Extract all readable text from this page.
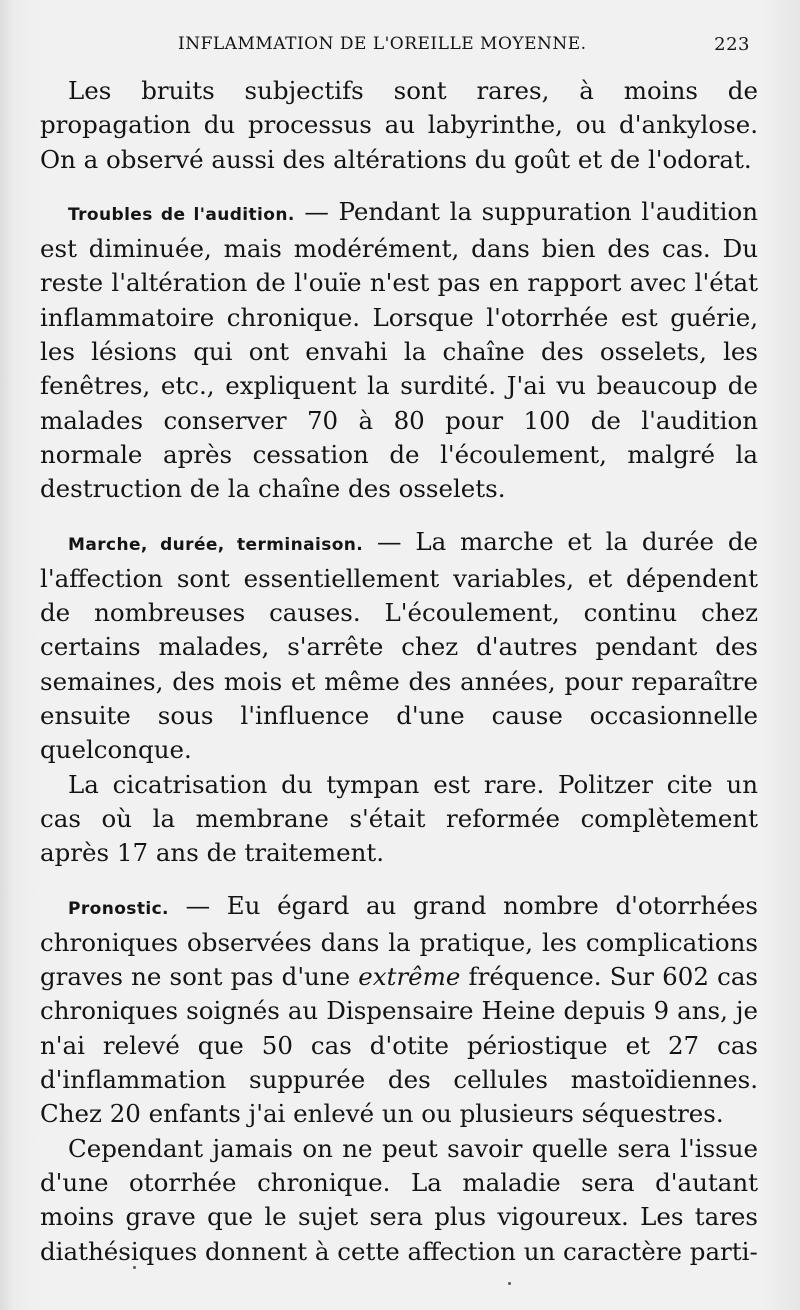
INFLAMMATION DE L'OREILLE MOYENNE.	223

Les bruits subjectifs sont rares, à moins de propagation du processus au labyrinthe, ou d'ankylose. On a observé aussi des altérations du goût et de l'odorat.

Troubles de l'audition. — Pendant la suppuration l'audition est diminuée, mais modérément, dans bien des cas. Du reste l'altération de l'ouïe n'est pas en rapport avec l'état inflammatoire chronique. Lorsque l'otorrhée est guérie, les lésions qui ont envahi la chaîne des osselets, les fenêtres, etc., expliquent la surdité. J'ai vu beaucoup de malades conserver 70 à 80 pour 100 de l'audition normale après cessation de l'écoulement, malgré la destruction de la chaîne des osselets.

Marche, durée, terminaison. — La marche et la durée de l'affection sont essentiellement variables, et dépendent de nombreuses causes. L'écoulement, continu chez certains malades, s'arrête chez d'autres pendant des semaines, des mois et même des années, pour reparaître ensuite sous l'influence d'une cause occasionnelle quelconque.

La cicatrisation du tympan est rare. Politzer cite un cas où la membrane s'était reformée complètement après 17 ans de traitement.

Pronostic. — Eu égard au grand nombre d'otorrhées chroniques observées dans la pratique, les complications graves ne sont pas d'une extrême fréquence. Sur 602 cas chroniques soignés au Dispensaire Heine depuis 9 ans, je n'ai relevé que 50 cas d'otite périostique et 27 cas d'inflammation suppurée des cellules mastoïdiennes. Chez 20 enfants j'ai enlevé un ou plusieurs séquestres.

Cependant jamais on ne peut savoir quelle sera l'issue d'une otorrhée chronique. La maladie sera d'autant moins grave que le sujet sera plus vigoureux. Les tares diathésiques donnent à cette affection un caractère parti-
